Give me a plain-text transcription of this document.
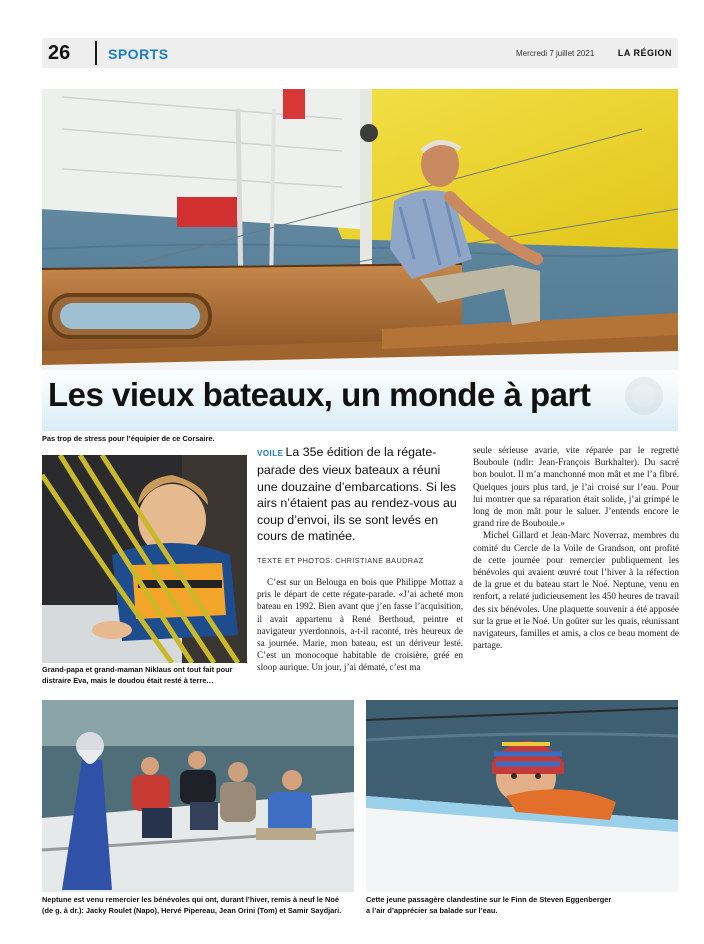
26	SPORTS	Mercredi 7 juillet 2021	LA RÉGION
Les vieux bateaux, un monde à part
Pas trop de stress pour l’équipier de ce Corsaire.
Grand-papa et grand-maman Niklaus ont tout fait pour distraire Eva, mais le doudou était resté à terre…
VOILE La 35e édition de la régate-parade des vieux bateaux a réuni une douzaine d’embarcations. Si les airs n’étaient pas au rendez-vous au coup d’envoi, ils se sont levés en cours de matinée.
TEXTE ET PHOTOS: CHRISTIANE BAUDRAZ

C’est sur un Belouga en bois que Philippe Mottaz a pris le départ de cette régate-parade. «J’ai acheté mon bateau en 1992. Bien avant que j’en fasse l’acquisition, il avait appartenu à René Berthoud, peintre et navigateur yverdonnois, a-t-il raconté, très heureux de sa journée. Marie, mon bateau, est un dériveur lesté. C’est un monocoque habitable de croisière, gréé en sloop aurique. Un jour, j’ai dématé, c’est ma

seule sérieuse avarie, vite réparée par le regretté Bouboule (ndlr: Jean-François Burkhalter). Du sacré bon boulot. Il m’a manchonné mon mât et me l’a fibré. Quelques jours plus tard, je l’ai croisé sur l’eau. Pour lui montrer que sa réparation était solide, j’ai grimpé le long de mon mât pour le saluer. J’entends encore le grand rire de Bouboule.»

Michel Gillard et Jean-Marc Noverraz, membres du comité du Cercle de la Voile de Grandson, ont profité de cette journée pour remercier publiquement les bénévoles qui avaient œuvré tout l’hiver à la réfection de la grue et du bateau start le Noé. Neptune, venu en renfort, a relaté judicieusement les 450 heures de travail des six bénévoles. Une plaquette souvenir a été apposée sur la grue et le Noé. Un goûter sur les quais, réunissant navigateurs, familles et amis, a clos ce beau moment de partage.

Neptune est venu remercier les bénévoles qui ont, durant l’hiver, remis à neuf le Noé
(de g. à dr.): Jacky Roulet (Napo), Hervé Pipereau, Jean Orini (Tom) et Samir Saydjari.
Cette jeune passagère clandestine sur le Finn de Steven Eggenberger
a l’air d’apprécier sa balade sur l’eau.
